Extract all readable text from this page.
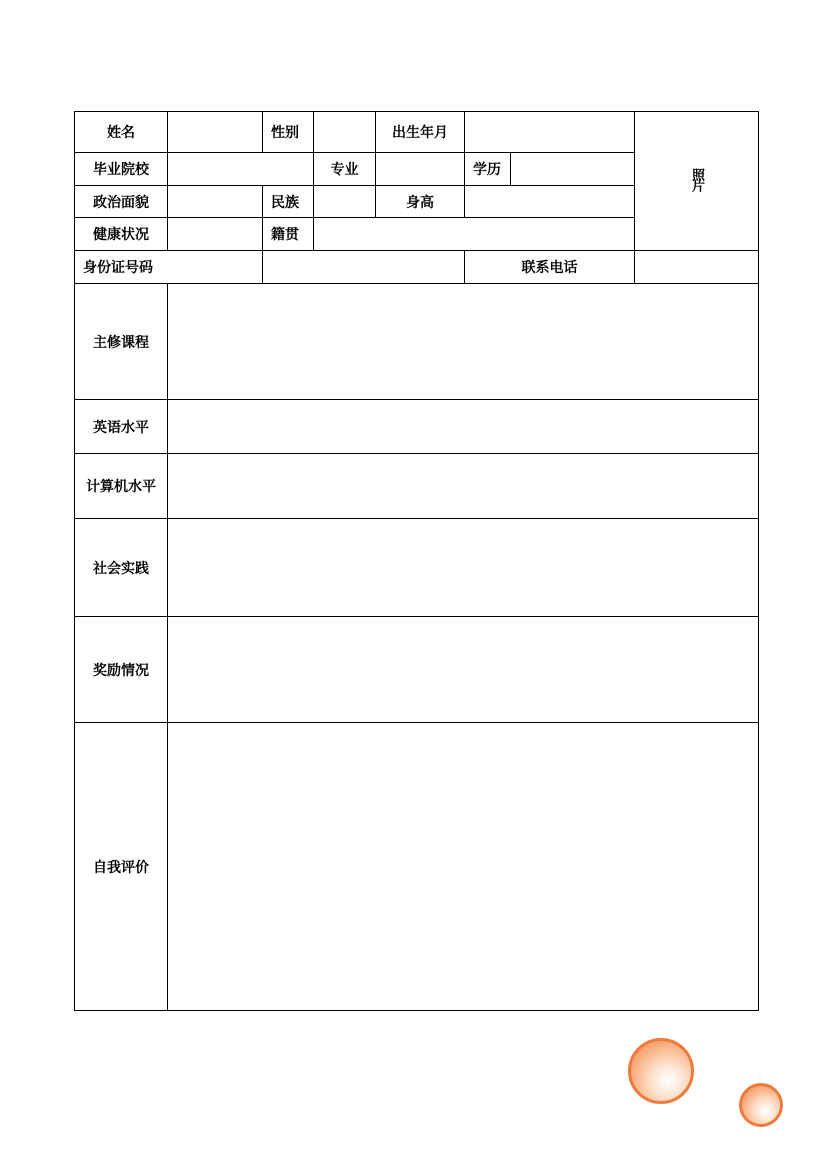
姓名		性别		出生年月			照片
毕业院校			专业		学历		
政治面貌		民族		身高			
健康状况		籍贯					
身份证号码					联系电话		
主修课程							
英语水平							
计算机水平							
社会实践							
奖励情况							
自我评价							
